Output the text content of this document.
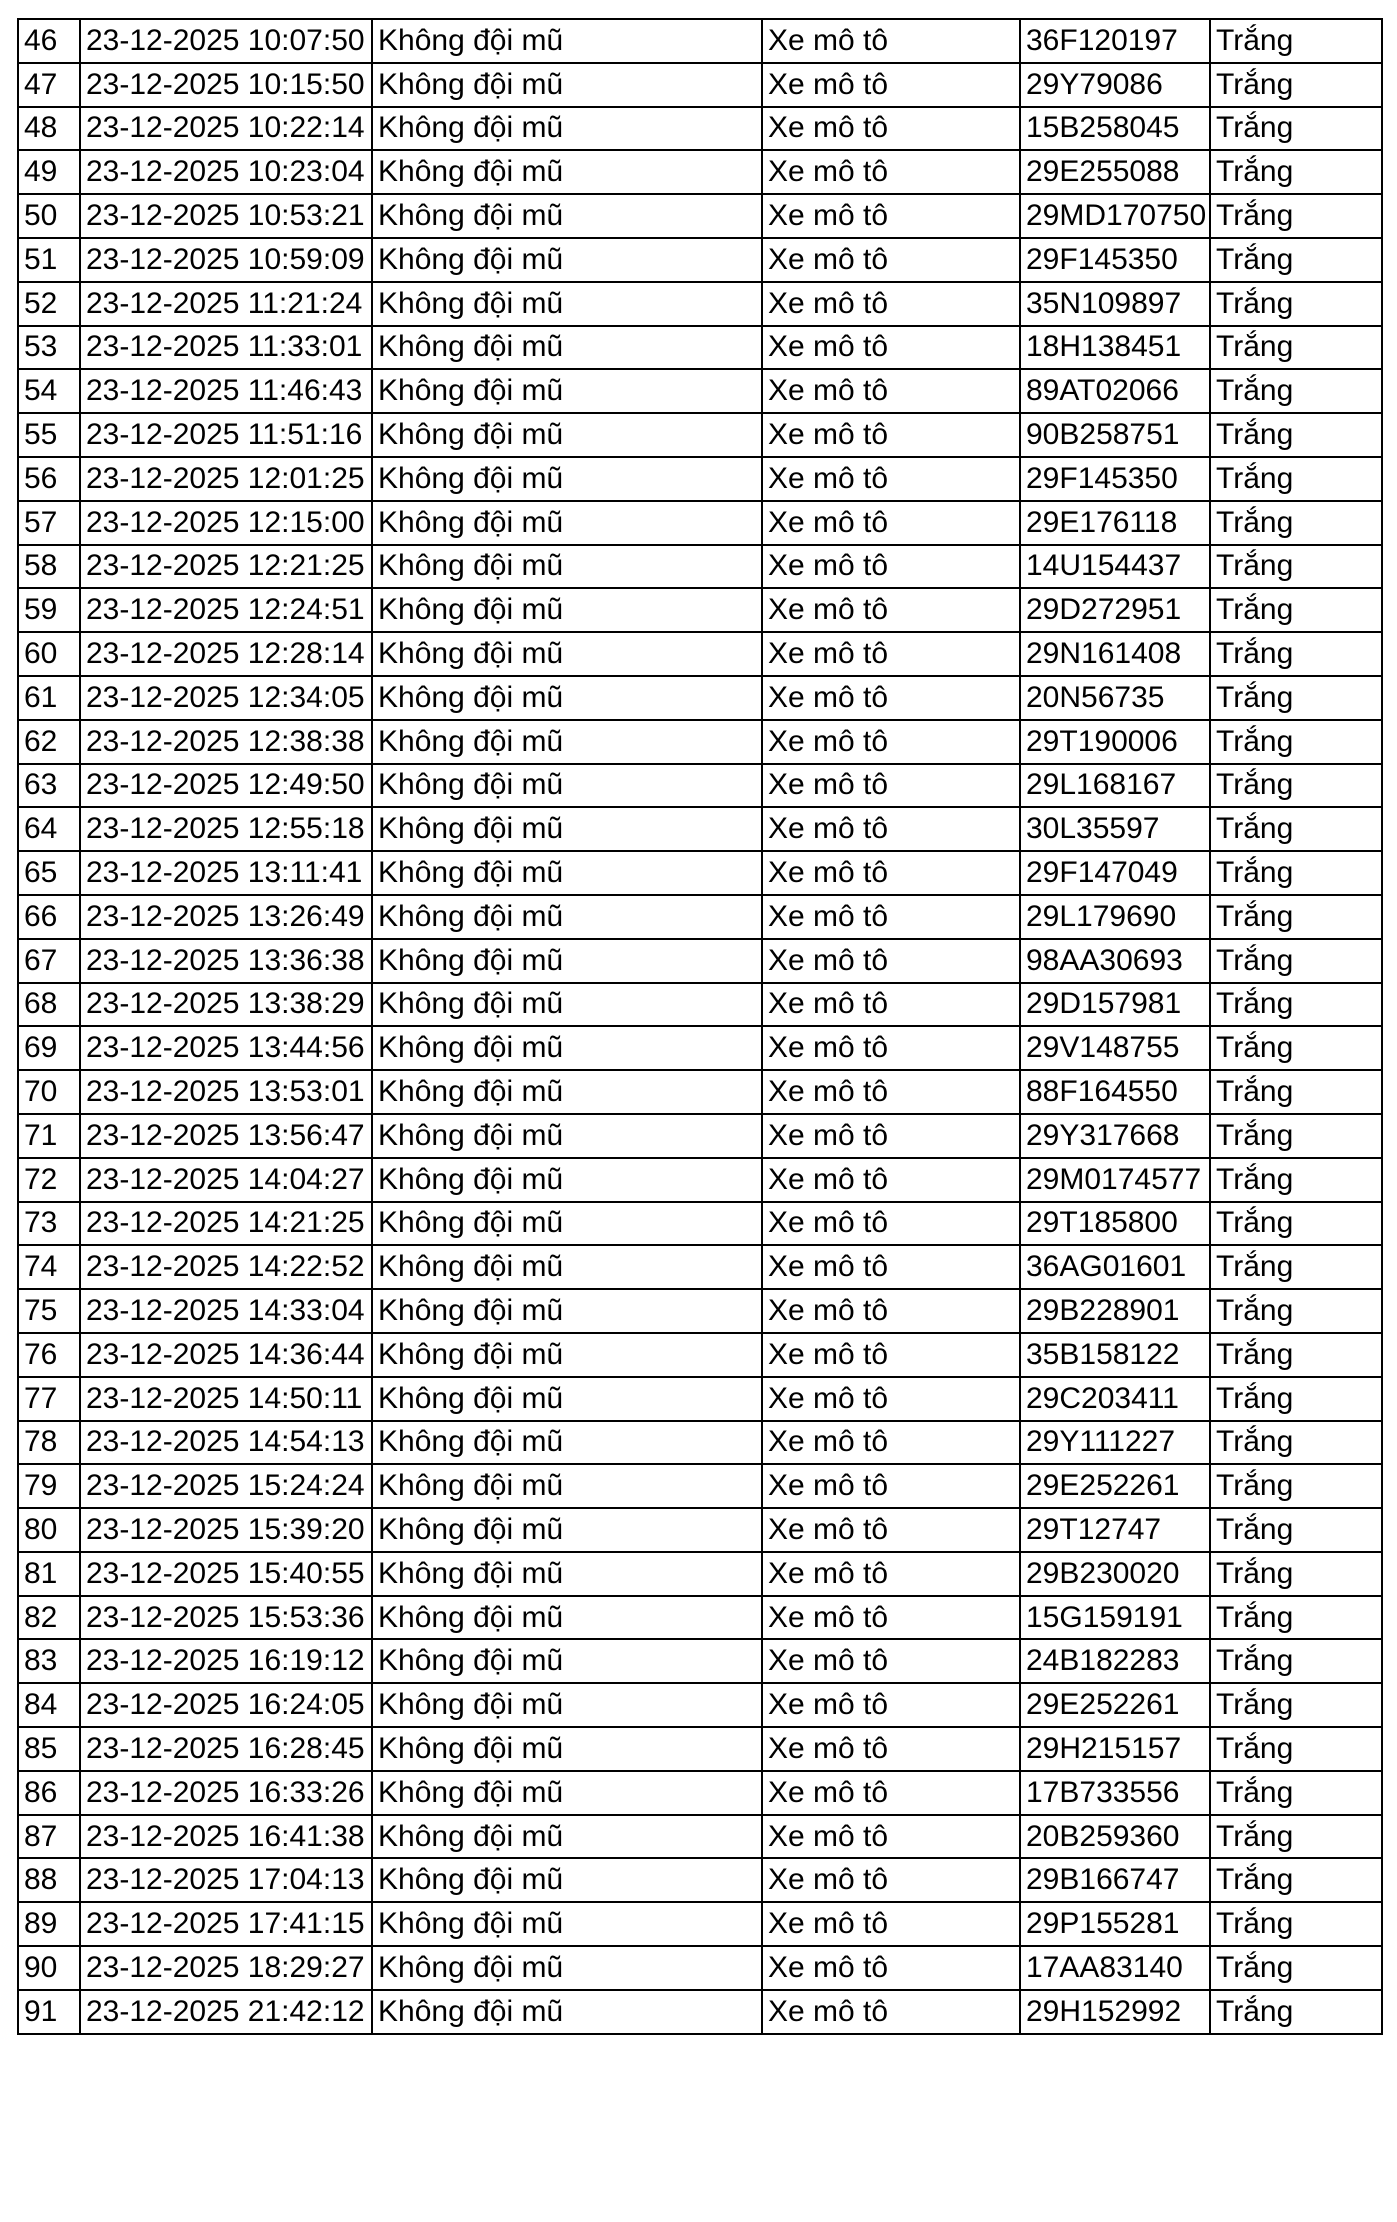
46	23-12-2025 10:07:50	Không đội mũ	Xe mô tô	36F120197	Trắng
47	23-12-2025 10:15:50	Không đội mũ	Xe mô tô	29Y79086	Trắng
48	23-12-2025 10:22:14	Không đội mũ	Xe mô tô	15B258045	Trắng
49	23-12-2025 10:23:04	Không đội mũ	Xe mô tô	29E255088	Trắng
50	23-12-2025 10:53:21	Không đội mũ	Xe mô tô	29MD170750	Trắng
51	23-12-2025 10:59:09	Không đội mũ	Xe mô tô	29F145350	Trắng
52	23-12-2025 11:21:24	Không đội mũ	Xe mô tô	35N109897	Trắng
53	23-12-2025 11:33:01	Không đội mũ	Xe mô tô	18H138451	Trắng
54	23-12-2025 11:46:43	Không đội mũ	Xe mô tô	89AT02066	Trắng
55	23-12-2025 11:51:16	Không đội mũ	Xe mô tô	90B258751	Trắng
56	23-12-2025 12:01:25	Không đội mũ	Xe mô tô	29F145350	Trắng
57	23-12-2025 12:15:00	Không đội mũ	Xe mô tô	29E176118	Trắng
58	23-12-2025 12:21:25	Không đội mũ	Xe mô tô	14U154437	Trắng
59	23-12-2025 12:24:51	Không đội mũ	Xe mô tô	29D272951	Trắng
60	23-12-2025 12:28:14	Không đội mũ	Xe mô tô	29N161408	Trắng
61	23-12-2025 12:34:05	Không đội mũ	Xe mô tô	20N56735	Trắng
62	23-12-2025 12:38:38	Không đội mũ	Xe mô tô	29T190006	Trắng
63	23-12-2025 12:49:50	Không đội mũ	Xe mô tô	29L168167	Trắng
64	23-12-2025 12:55:18	Không đội mũ	Xe mô tô	30L35597	Trắng
65	23-12-2025 13:11:41	Không đội mũ	Xe mô tô	29F147049	Trắng
66	23-12-2025 13:26:49	Không đội mũ	Xe mô tô	29L179690	Trắng
67	23-12-2025 13:36:38	Không đội mũ	Xe mô tô	98AA30693	Trắng
68	23-12-2025 13:38:29	Không đội mũ	Xe mô tô	29D157981	Trắng
69	23-12-2025 13:44:56	Không đội mũ	Xe mô tô	29V148755	Trắng
70	23-12-2025 13:53:01	Không đội mũ	Xe mô tô	88F164550	Trắng
71	23-12-2025 13:56:47	Không đội mũ	Xe mô tô	29Y317668	Trắng
72	23-12-2025 14:04:27	Không đội mũ	Xe mô tô	29M0174577	Trắng
73	23-12-2025 14:21:25	Không đội mũ	Xe mô tô	29T185800	Trắng
74	23-12-2025 14:22:52	Không đội mũ	Xe mô tô	36AG01601	Trắng
75	23-12-2025 14:33:04	Không đội mũ	Xe mô tô	29B228901	Trắng
76	23-12-2025 14:36:44	Không đội mũ	Xe mô tô	35B158122	Trắng
77	23-12-2025 14:50:11	Không đội mũ	Xe mô tô	29C203411	Trắng
78	23-12-2025 14:54:13	Không đội mũ	Xe mô tô	29Y111227	Trắng
79	23-12-2025 15:24:24	Không đội mũ	Xe mô tô	29E252261	Trắng
80	23-12-2025 15:39:20	Không đội mũ	Xe mô tô	29T12747	Trắng
81	23-12-2025 15:40:55	Không đội mũ	Xe mô tô	29B230020	Trắng
82	23-12-2025 15:53:36	Không đội mũ	Xe mô tô	15G159191	Trắng
83	23-12-2025 16:19:12	Không đội mũ	Xe mô tô	24B182283	Trắng
84	23-12-2025 16:24:05	Không đội mũ	Xe mô tô	29E252261	Trắng
85	23-12-2025 16:28:45	Không đội mũ	Xe mô tô	29H215157	Trắng
86	23-12-2025 16:33:26	Không đội mũ	Xe mô tô	17B733556	Trắng
87	23-12-2025 16:41:38	Không đội mũ	Xe mô tô	20B259360	Trắng
88	23-12-2025 17:04:13	Không đội mũ	Xe mô tô	29B166747	Trắng
89	23-12-2025 17:41:15	Không đội mũ	Xe mô tô	29P155281	Trắng
90	23-12-2025 18:29:27	Không đội mũ	Xe mô tô	17AA83140	Trắng
91	23-12-2025 21:42:12	Không đội mũ	Xe mô tô	29H152992	Trắng
